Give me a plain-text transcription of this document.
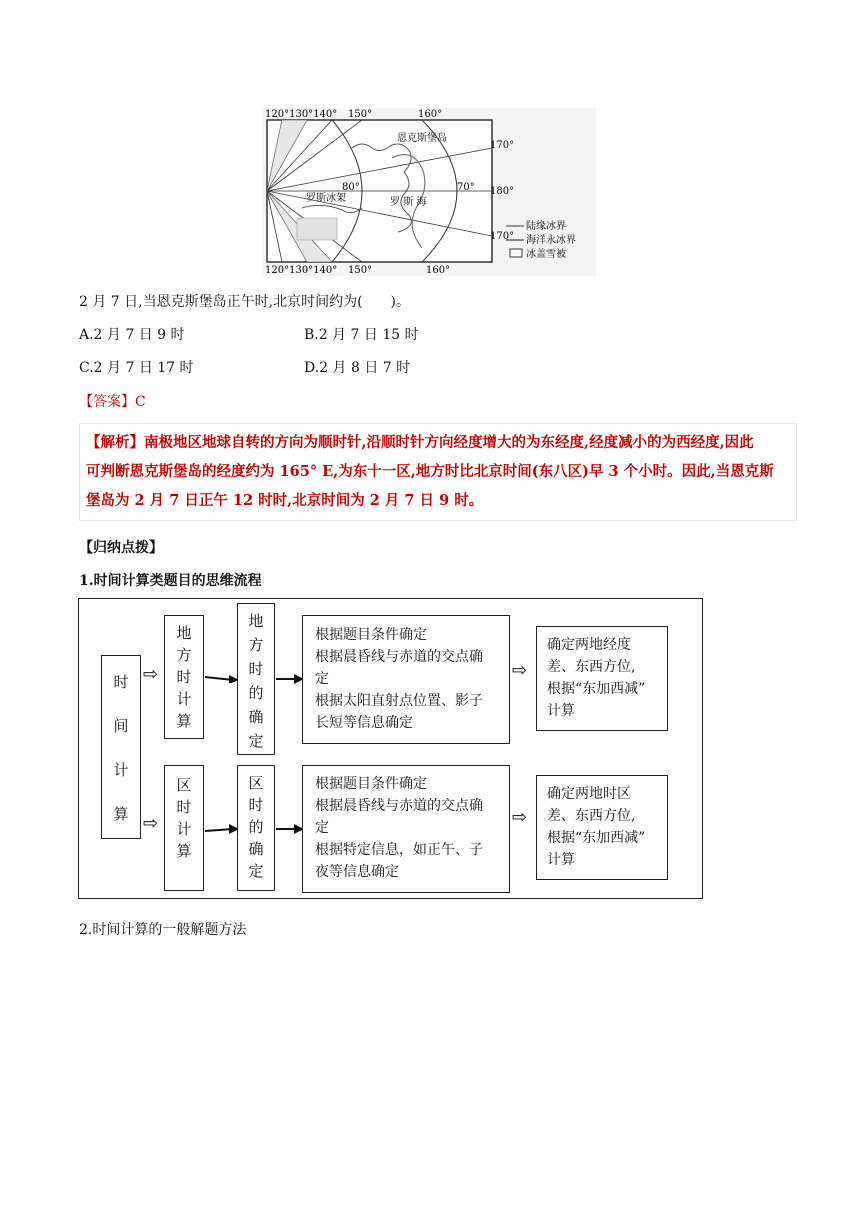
120°130°140° 150°	160°
120°130°140° 150°	160°
170°
180°
170°
80°	70°
恩克斯堡岛
罗斯冰架	罗 斯 海
陆缘冰界
海洋永冰界
冰盖雪被
2 月 7 日,当恩克斯堡岛正午时,北京时间约为(　　)。
A.2 月 7 日 9 时	B.2 月 7 日 15 时
C.2 月 7 日 17 时	D.2 月 8 日 7 时
【答案】C
【解析】南极地区地球自转的方向为顺时针,沿顺时针方向经度增大的为东经度,经度减小的为西经度,因此
可判断恩克斯堡岛的经度约为 165° E,为东十一区,地方时比北京时间(东八区)早 3 个小时。因此,当恩克斯
堡岛为 2 月 7 日正午 12 时时,北京时间为 2 月 7 日 9 时。
【归纳点拨】
1.时间计算类题目的思维流程
时
间
计
算
⇨
⇨
地
方
时
计
算
地
方
时
的
确
定
根据题目条件确定
根据晨昏线与赤道的交点确
定
根据太阳直射点位置、影子
长短等信息确定
⇨
确定两地经度
差、东西方位,
根据“东加西减”
计算
区
时
计
算
区
时
的
确
定
根据题目条件确定
根据晨昏线与赤道的交点确
定
根据特定信息，如正午、子
夜等信息确定
⇨
确定两地时区
差、东西方位,
根据“东加西减”
计算
2.时间计算的一般解题方法
